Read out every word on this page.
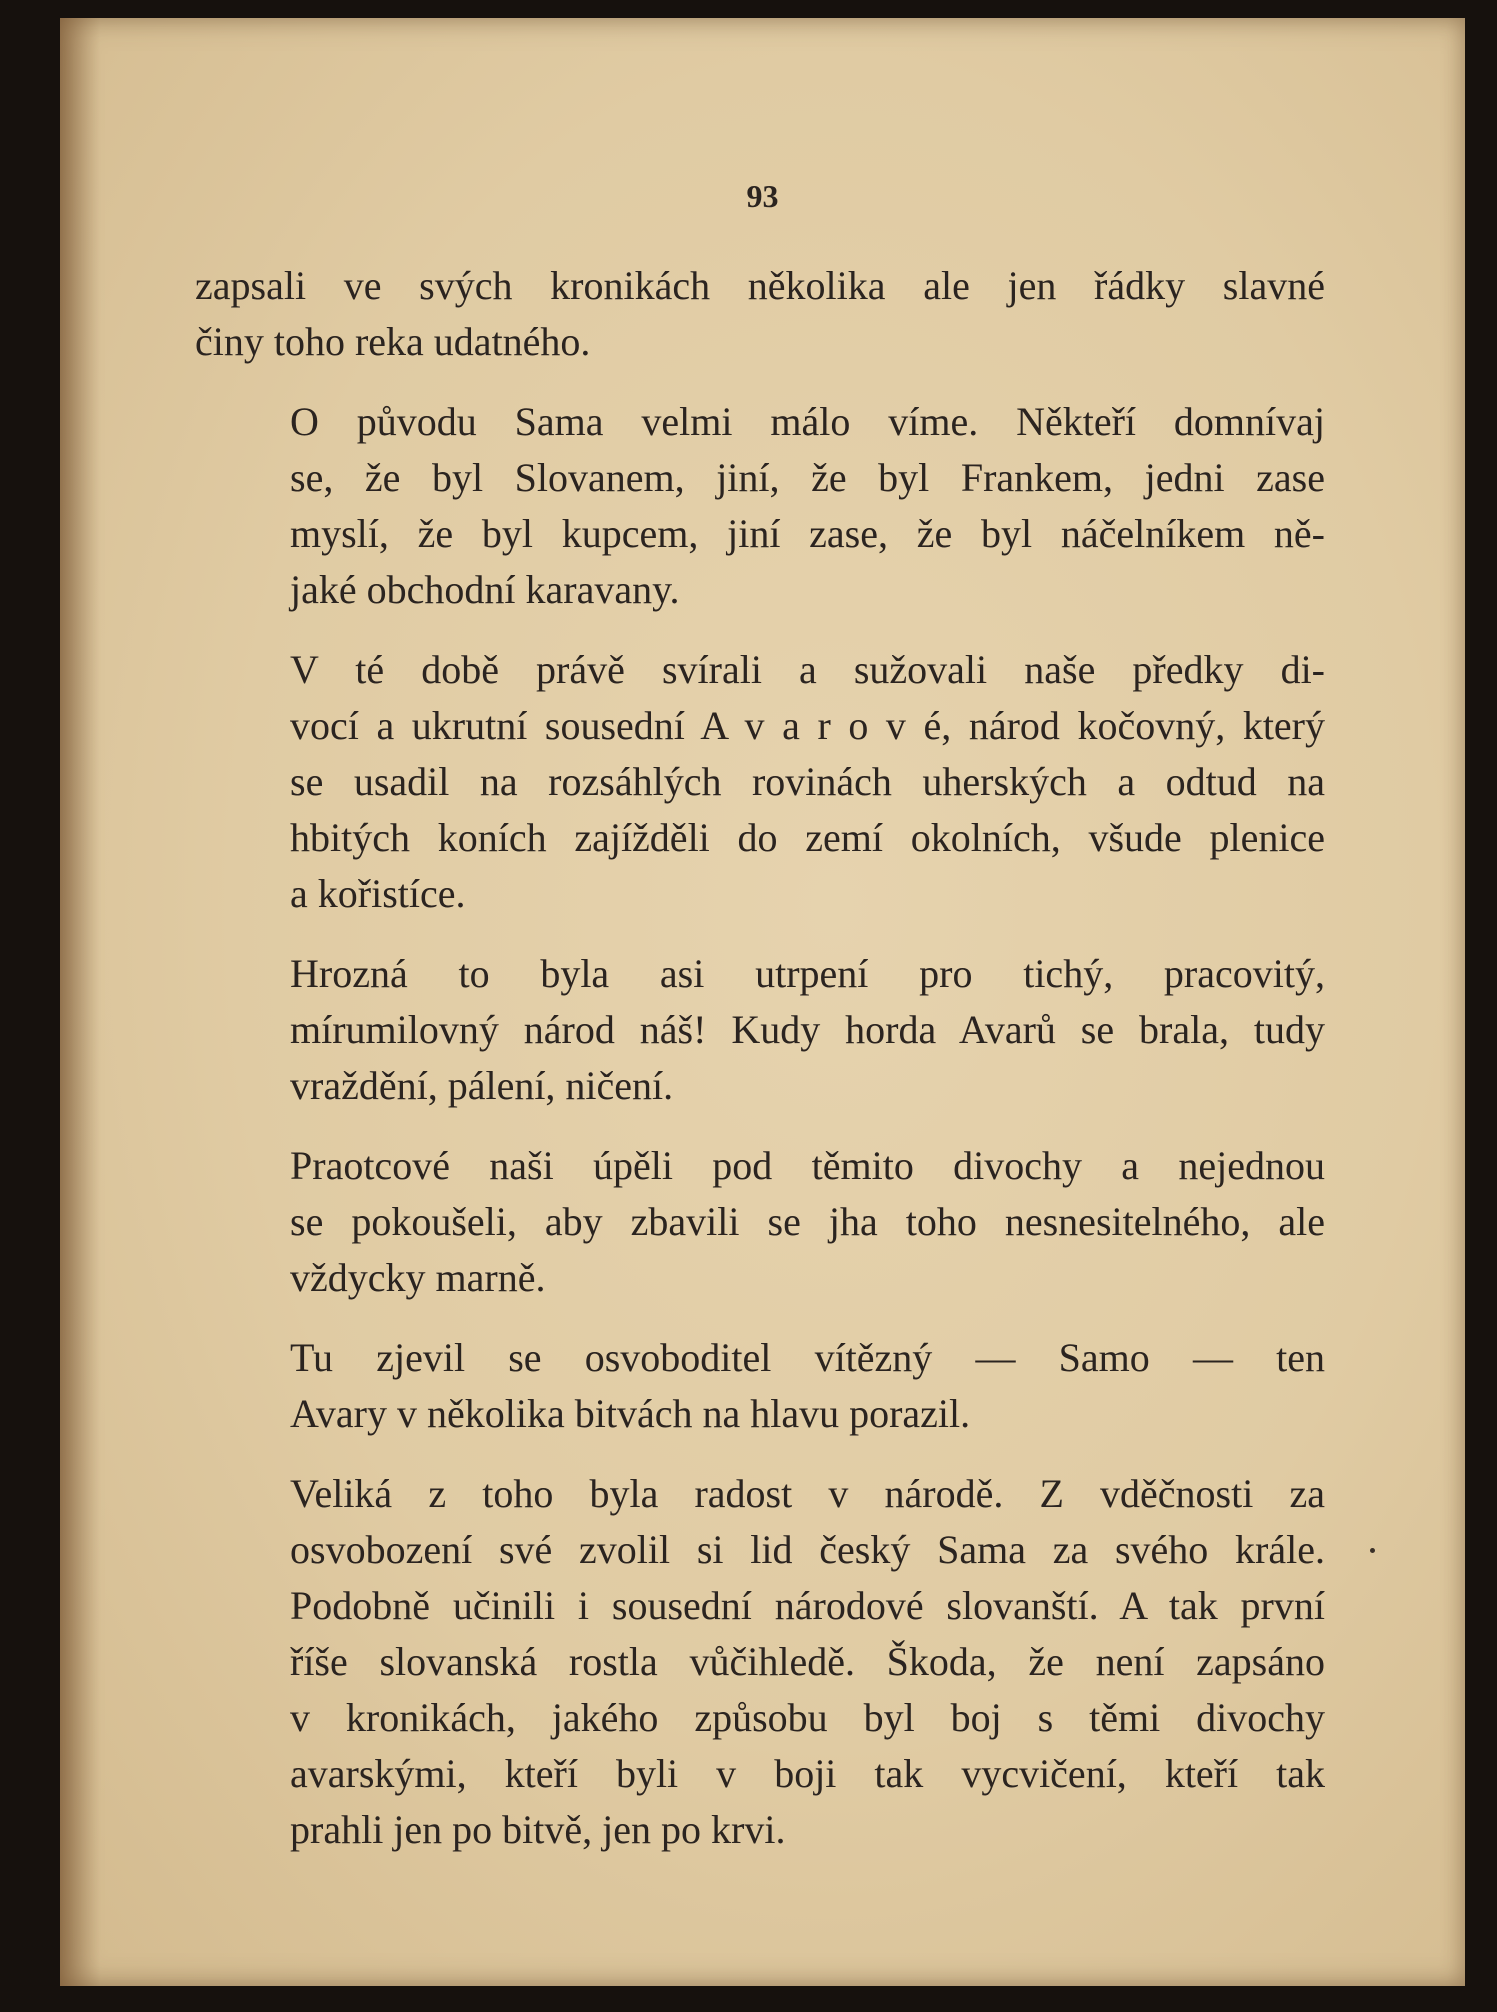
93
zapsali ve svých kronikách několika ale jen řádky slavné
činy toho reka udatného.
O původu Sama velmi málo víme. Někteří domnívaj
se, že byl Slovanem, jiní, že byl Frankem, jedni zase
myslí, že byl kupcem, jiní zase, že byl náčelníkem ně-
jaké obchodní karavany.
V té době právě svírali a sužovali naše předky di-
vocí a ukrutní sousední A v a r o v é, národ kočovný, který
se usadil na rozsáhlých rovinách uherských a odtud na
hbitých koních zajížděli do zemí okolních, všude plenice
a kořistíce.
Hrozná to byla asi utrpení pro tichý, pracovitý,
mírumilovný národ náš! Kudy horda Avarů se brala, tudy
vraždění, pálení, ničení.
Praotcové naši úpěli pod těmito divochy a nejednou
se pokoušeli, aby zbavili se jha toho nesnesitelného, ale
vždycky marně.
Tu zjevil se osvoboditel vítězný — Samo — ten
Avary v několika bitvách na hlavu porazil.
Veliká z toho byla radost v národě. Z vděčnosti za
osvobození své zvolil si lid český Sama za svého krále.
Podobně učinili i sousední národové slovanští. A tak první
říše slovanská rostla vůčihledě. Škoda, že není zapsáno
v kronikách, jakého způsobu byl boj s těmi divochy
avarskými, kteří byli v boji tak vycvičení, kteří tak
prahli jen po bitvě, jen po krvi.
